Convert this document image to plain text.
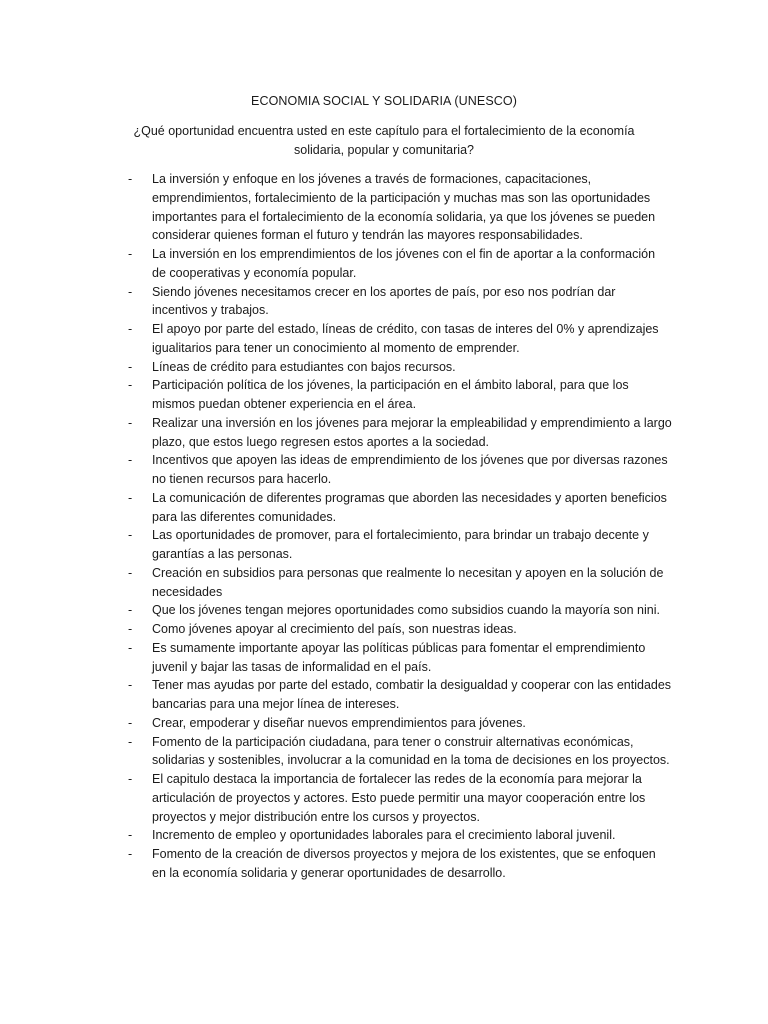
ECONOMIA SOCIAL Y SOLIDARIA (UNESCO)
¿Qué oportunidad encuentra usted en este capítulo para el fortalecimiento de la economía solidaria, popular y comunitaria?
- La inversión y enfoque en los jóvenes a través de formaciones, capacitaciones, emprendimientos, fortalecimiento de la participación y muchas mas son las oportunidades importantes para el fortalecimiento de la economía solidaria, ya que los jóvenes se pueden considerar quienes forman el futuro y tendrán las mayores responsabilidades.
- La inversión en los emprendimientos de los jóvenes con el fin de aportar a la conformación de cooperativas y economía popular.
- Siendo jóvenes necesitamos crecer en los aportes de país, por eso nos podrían dar incentivos y trabajos.
- El apoyo por parte del estado, líneas de crédito, con tasas de interes del 0% y aprendizajes igualitarios para tener un conocimiento al momento de emprender.
- Líneas de crédito para estudiantes con bajos recursos.
- Participación política de los jóvenes, la participación en el ámbito laboral, para que los mismos puedan obtener experiencia en el área.
- Realizar una inversión en los jóvenes para mejorar la empleabilidad y emprendimiento a largo plazo, que estos luego regresen estos aportes a la sociedad.
- Incentivos que apoyen las ideas de emprendimiento de los jóvenes que por diversas razones no tienen recursos para hacerlo.
- La comunicación de diferentes programas que aborden las necesidades y aporten beneficios para las diferentes comunidades.
- Las oportunidades de promover, para el fortalecimiento, para brindar un trabajo decente y garantías a las personas.
- Creación en subsidios para personas que realmente lo necesitan y apoyen en la solución de necesidades
- Que los jóvenes tengan mejores oportunidades como subsidios cuando la mayoría son nini.
- Como jóvenes apoyar al crecimiento del país, son nuestras ideas.
- Es sumamente importante apoyar las políticas públicas para fomentar el emprendimiento juvenil y bajar las tasas de informalidad en el país.
- Tener mas ayudas por parte del estado, combatir la desigualdad y cooperar con las entidades bancarias para una mejor línea de intereses.
- Crear, empoderar y diseñar nuevos emprendimientos para jóvenes.
- Fomento de la participación ciudadana, para tener o construir alternativas económicas, solidarias y sostenibles, involucrar a la comunidad en la toma de decisiones en los proyectos.
- El capitulo destaca la importancia de fortalecer las redes de la economía para mejorar la articulación de proyectos y actores. Esto puede permitir una mayor cooperación entre los proyectos y mejor distribución entre los cursos y proyectos.
- Incremento de empleo y oportunidades laborales para el crecimiento laboral juvenil.
- Fomento de la creación de diversos proyectos y mejora de los existentes, que se enfoquen en la economía solidaria y generar oportunidades de desarrollo.
